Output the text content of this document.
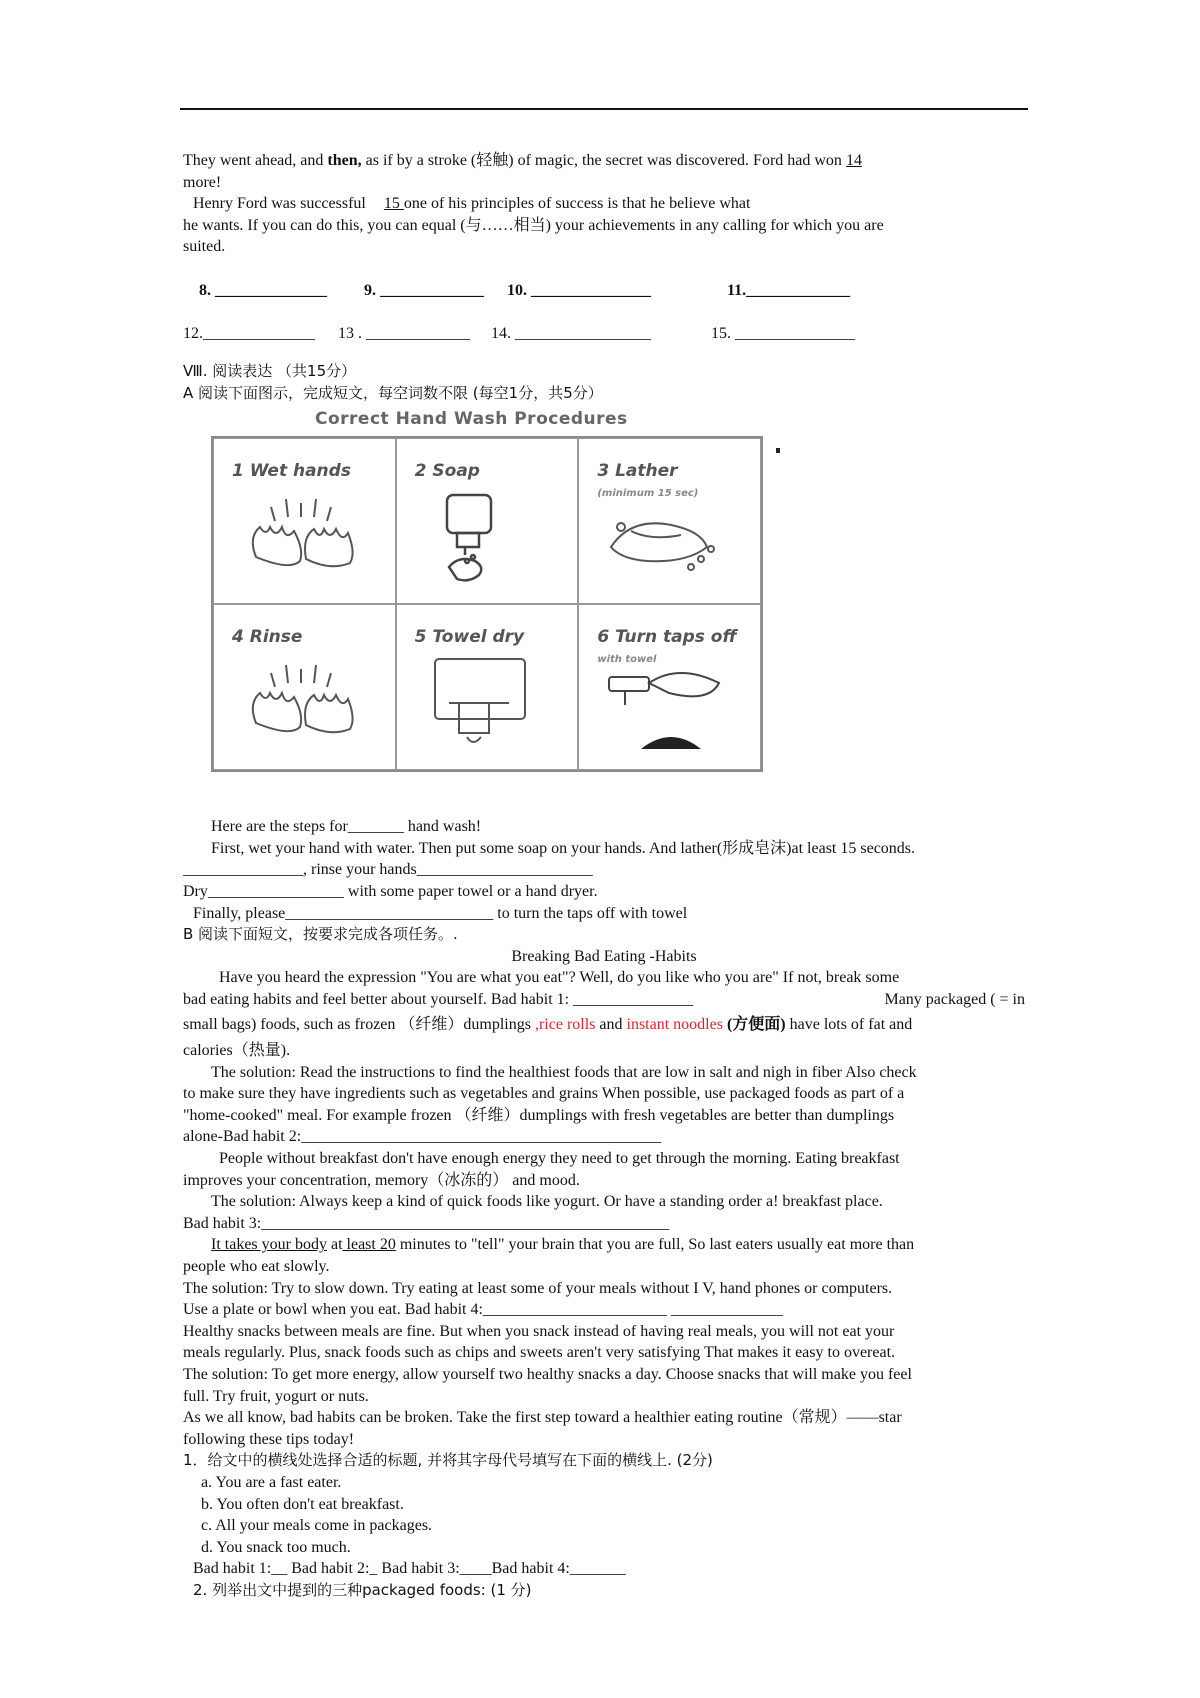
They went ahead, and then, as if by a stroke (轻触) of magic, the secret was discovered. Ford had won 14

more!

Henry Ford was successful 15 one of his principles of success is that he believe what

he wants. If you can do this, you can equal (与……相当) your achievements in any calling for which you are

suited.

8. ______________ 9. _____________ 10. _______________	11._____________

12.______________ 13 . _____________ 14. _________________	15. _______________

Ⅷ. 阅读表达 （共15分）

A 阅读下面图示，完成短文，每空词数不限 (每空1分，共5分）

Correct Hand Wash Procedures
1 Wet hands	2 Soap	3 Lather
(minimum 15 sec)
4 Rinse	5 Towel dry	6 Turn taps off
with towel

Here are the steps for_______ hand wash!

First, wet your hand with water. Then put some soap on your hands. And lather(形成皂沫)at least 15 seconds.

_______________, rinse your hands______________________

Dry_________________ with some paper towel or a hand dryer.

Finally, please__________________________ to turn the taps off with towel

B 阅读下面短文，按要求完成各项任务。.

Breaking Bad Eating -Habits

Have you heard the expression "You are what you eat"? Well, do you like who you are" If not, break some

bad eating habits and feel better about yourself. Bad habit 1: _______________	Many packaged ( = in

small bags) foods, such as frozen （纤维）dumplings ,rice rolls and instant noodles (方便面) have lots of fat and

calories（热量).

The solution: Read the instructions to find the healthiest foods that are low in salt and nigh in fiber Also check

to make sure they have ingredients such as vegetables and grains When possible, use packaged foods as part of a

"home-cooked" meal. For example frozen （纤维）dumplings with fresh vegetables are better than dumplings

alone-Bad habit 2:_____________________________________________

People without breakfast don't have enough energy they need to get through the morning. Eating breakfast

improves your concentration, memory（冰冻的） and mood.

The solution: Always keep a kind of quick foods like yogurt. Or have a standing order a! breakfast place.

Bad habit 3:___________________________________________________

It takes your body at least 20 minutes to "tell" your brain that you are full, So last eaters usually eat more than

people who eat slowly.

The solution: Try to slow down. Try eating at least some of your meals without I V, hand phones or computers.

Use a plate or bowl when you eat. Bad habit 4:_______________________ ______________

Healthy snacks between meals are fine. But when you snack instead of having real meals, you will not eat your

meals regularly. Plus, snack foods such as chips and sweets aren't very satisfying That makes it easy to overeat.

The solution: To get more energy, allow yourself two healthy snacks a day. Choose snacks that will make you feel

full. Try fruit, yogurt or nuts.

As we all know, bad habits can be broken. Take the first step toward a healthier eating routine（常规）——star

following these tips today!

1．给文中的横线处选择合适的标题, 并将其字母代号填写在下面的横线上. (2分)

a. You are a fast eater.

b. You often don't eat breakfast.

c. All your meals come in packages.

d. You snack too much.

Bad habit 1:__ Bad habit 2:_ Bad habit 3:____Bad habit 4:_______

2. 列举出文中提到的三种packaged foods: (1 分)
